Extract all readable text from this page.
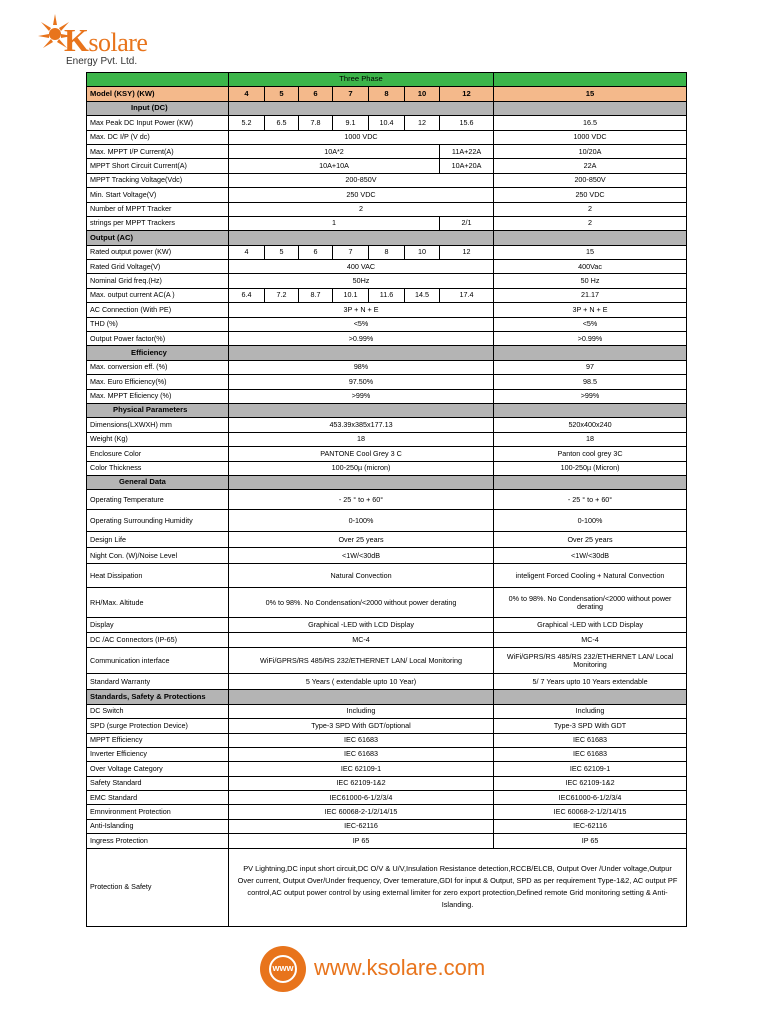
Ksolare
Energy Pvt. Ltd.
	Three Phase							
Model (KSY) (KW)	4	5	6	7	8	10	12	15
Input (DC)								
Max Peak DC Input Power (KW)	5.2	6.5	7.8	9.1	10.4	12	15.6	16.5
Max. DC I/P (V dc)	1000 VDC							1000 VDC
Max. MPPT I/P Current(A)	10A*2						11A+22A	10/20A
MPPT Short Circuit Current(A)	10A+10A						10A+20A	22A
MPPT Tracking Voltage(Vdc)	200-850V							200-850V
Min. Start Voltage(V)	250 VDC							250 VDC
Number of MPPT Tracker	2							2
strings per MPPT Trackers	1						2/1	2
Output (AC)								
Rated output power (KW)	4	5	6	7	8	10	12	15
Rated Grid Voltage(V)	400 VAC							400Vac
Nominal Grid freq.(Hz)	50Hz							50 Hz
Max. output current AC(A )	6.4	7.2	8.7	10.1	11.6	14.5	17.4	21.17
AC Connection (With PE)	3P + N + E							3P + N + E
THD (%)	<5%							<5%
Output Power factor(%)	>0.99%							>0.99%
Efficiency								
Max. conversion eff. (%)	98%							97
Max. Euro Efficiency(%)	97.50%							98.5
Max. MPPT Eficiency (%)	>99%							>99%
Physical Parameters								
Dimensions(LXWXH) mm	453.39x385x177.13							520x400x240
Weight (Kg)	18							18
Enclosure Color	PANTONE Cool Grey 3 C							Panton cool grey 3C
Color Thickness	100-250µ (micron)							100-250µ (Micron)
General Data								
Operating Temperature	- 25 ° to + 60°							- 25 ° to + 60°
Operating Surrounding Humidity	0-100%							0-100%
Design Life	Over 25 years							Over 25 years
Night Con. (W)/Noise Level	<1W/<30dB							<1W/<30dB
Heat Dissipation	Natural Convection							inteligent Forced Cooling + Natural Convection
RH/Max. Altitude	0% to 98%. No Condensation/<2000 without power derating							0% to 98%. No Condensation/<2000 without power derating
Display	Graphical -LED with LCD Display							Graphical -LED with LCD Display
DC /AC Connectors (IP-65)	MC-4							MC-4
Communication interface	WiFi/GPRS/RS 485/RS 232/ETHERNET LAN/ Local Monitoring							WiFi/GPRS/RS 485/RS 232/ETHERNET LAN/ Local Monitoring
Standard Warranty	5 Years ( extendable upto 10 Year)							5/ 7 Years upto 10 Years extendable
Standards, Safety & Protections								
DC Switch	Including							Including
SPD (surge Protection Device)	Type-3 SPD With GDT/optional							Type-3 SPD With GDT
MPPT Efficiency	IEC 61683							IEC 61683
Inverter Efficiency	IEC 61683							IEC 61683
Over Voltage Category	IEC 62109-1							IEC 62109-1
Safety Standard	IEC 62109-1&2							IEC 62109-1&2
EMC Standard	IEC61000-6-1/2/3/4							IEC61000-6-1/2/3/4
Emnvironment Protection	IEC 60068-2-1/2/14/15							IEC 60068-2-1/2/14/15
Anti-Islanding	IEC-62116							IEC-62116
Ingress Protection	IP 65							IP 65
Protection & Safety	PV Lightning,DC input short circuit,DC O/V & U/V,Insulation Resistance detection,RCCB/ELCB, Output Over /Under voltage,Outpur Over current, Output Over/Under frequency, Over temerature,GDI for input & Output, SPD as per requirement Type-1&2, AC output PF control,AC output power control by using external limiter for zero export protection,Defined remote Grid monitoring setting & Anti-Islanding.							
www www.ksolare.com
